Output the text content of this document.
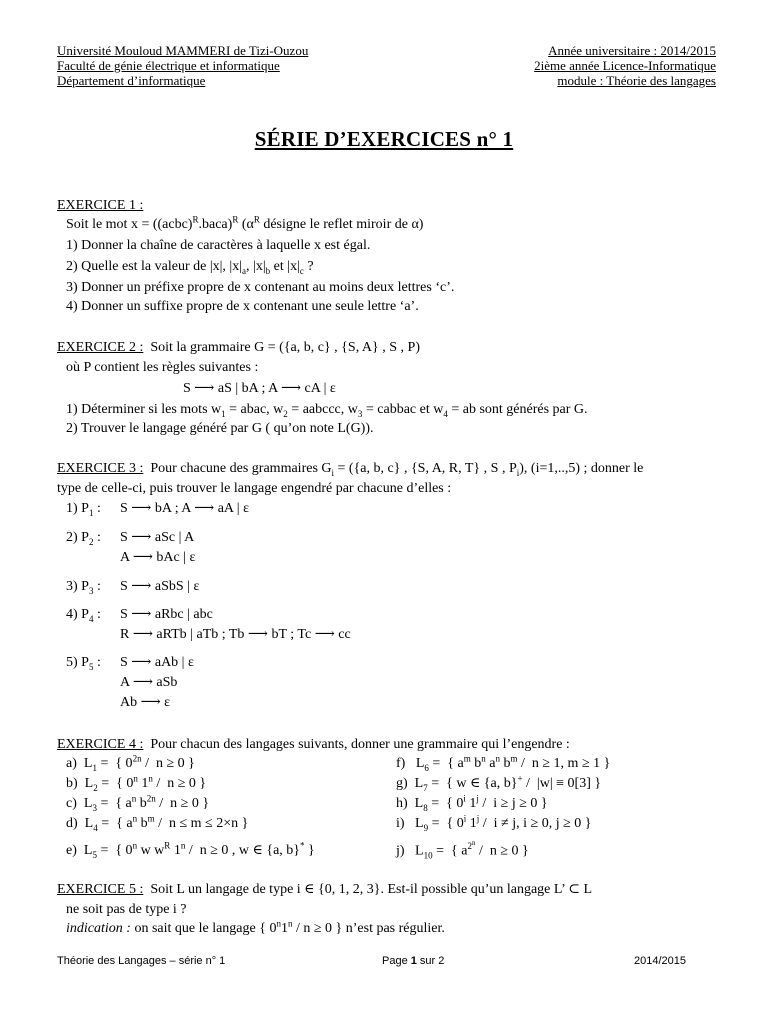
Université Mouloud MAMMERI de Tizi-Ouzou
Faculté de génie électrique et informatique
Département d’informatique
Année universitaire : 2014/2015
2ième année Licence-Informatique
module : Théorie des langages
SÉRIE D’EXERCICES n° 1
EXERCICE 1 :
Soit le mot x = ((acbc)$^R$.baca)$^R$ ($\alpha^R$ désigne le reflet miroir de α)
1) Donner la chaîne de caractères à laquelle x est égal.
2) Quelle est la valeur de |x|, $|x|_a$, $|x|_b$ et $|x|_c$ ?
3) Donner un préfixe propre de x contenant au moins deux lettres ‘c’.
4) Donner un suffixe propre de x contenant une seule lettre ‘a’.
EXERCICE 2 : Soit la grammaire G = ({a, b, c} , {S, A} , S , P)
où P contient les règles suivantes :
S ⟶ aS | bA ; A ⟶ cA | ε
1) Déterminer si les mots $w_1$ = abac, $w_2$ = aabccc, $w_3$ = cabbac et $w_4$ = ab sont générés par G.
2) Trouver le langage généré par G ( qu’on note L(G)).
EXERCICE 3 : Pour chacune des grammaires $G_i = (\{a$, b, c} , {S, A, R, T} , S , $P_i$), (i=1,..,5) ; donner le
type de celle-ci, puis trouver le langage engendré par chacune d’elles :
1) $P_1$ : S ⟶ bA ; A ⟶ aA | ε
2) $P_2$ : S ⟶ aSc | A
A ⟶ bAc | ε
3) $P_3$ : S ⟶ aSbS | ε
4) $P_4$ : S ⟶ aRbc | abc
R ⟶ aRTb | aTb ; Tb ⟶ bT ; Tc ⟶ cc
5) $P_5$ : S ⟶ aAb | ε
A ⟶ aSb
Ab ⟶ ε
EXERCICE 4 : Pour chacun des langages suivants, donner une grammaire qui l’engendre :
a)  $L_1$ =  { $0^{2n} / n \ge 0$ }
b)  $L_2$ =  { 0$^n$ 1$^n$ /  n ≥ 0 }
c)  $L_3$ =  { $a^n$ $b^{2n} / n \ge 0$ }
d)  $L_4$ =  { $a^n$ $b^m / n \le m \le 2\times n$ }
e)  $L_5$ =  { 0$^n$ w $w^R$ 1$^n$ /  n ≥ 0 , w ∈ {a, b}* }
f)   $L_6$ =  { $a^m$ $b^n$ $a^n$ $b^m / n \ge 1$, m ≥ 1 }
g)  $L_7$ =  { w ∈ {a, b}+ /  |w| ≡ 0[3] }
h)  $L_8$ =  { 0$^i$ 1$^j$ /  i ≥ j ≥ 0 }
i)   $L_9$ =  { 0$^i$ 1$^j$ /  i ≠ j, i ≥ 0, j ≥ 0 }
j)   $L_{10}$ =  { $a^{2^n} / n \ge 0$ }
EXERCICE 5 : Soit L un langage de type i ∈ {0, 1, 2, 3}. Est-il possible qu’un langage L’ ⊂ L
ne soit pas de type i ?
indication : on sait que le langage { 0$^n$1$^n$ / n ≥ 0 } n’est pas régulier.
Théorie des Langages – série n° 1	Page 1 sur 2	2014/2015
